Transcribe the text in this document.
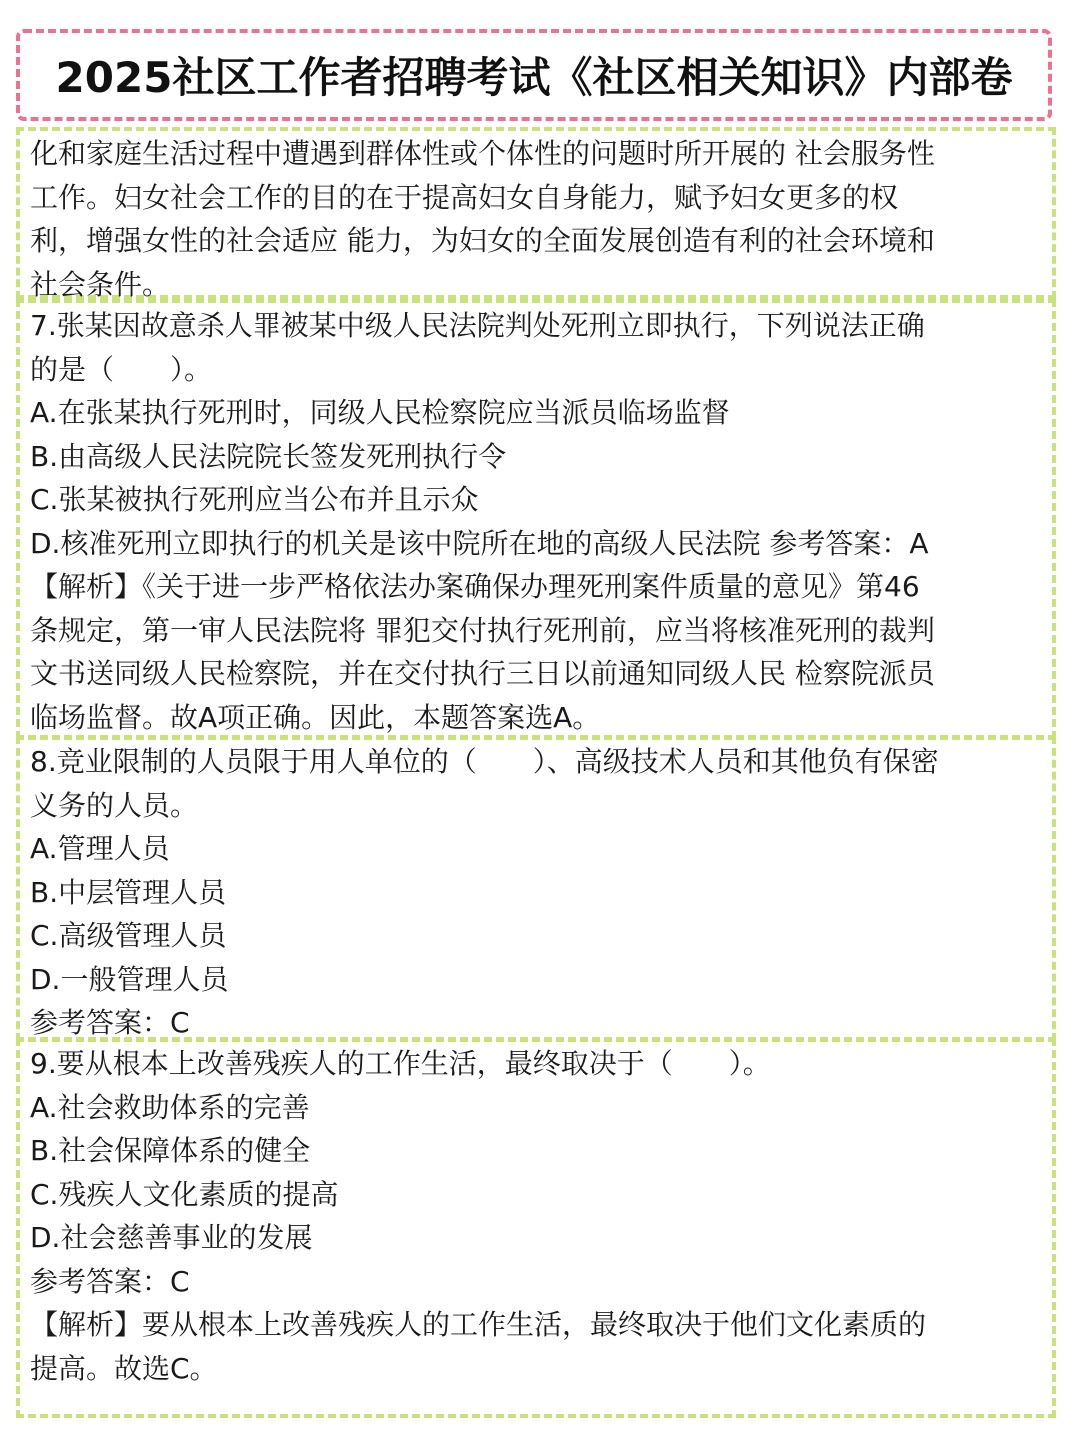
2025社区工作者招聘考试《社区相关知识》内部卷
化和家庭生活过程中遭遇到群体性或个体性的问题时所开展的 社会服务性
工作。妇女社会工作的目的在于提高妇女自身能力，赋予妇女更多的权
利，增强女性的社会适应 能力，为妇女的全面发展创造有利的社会环境和
社会条件。
7.张某因故意杀人罪被某中级人民法院判处死刑立即执行，下列说法正确
的是（　　）。
A.在张某执行死刑时，同级人民检察院应当派员临场监督
B.由高级人民法院院长签发死刑执行令
C.张某被执行死刑应当公布并且示众
D.核准死刑立即执行的机关是该中院所在地的高级人民法院 参考答案：A
【解析】《关于进一步严格依法办案确保办理死刑案件质量的意见》第46
条规定，第一审人民法院将 罪犯交付执行死刑前，应当将核准死刑的裁判
文书送同级人民检察院，并在交付执行三日以前通知同级人民 检察院派员
临场监督。故A项正确。因此，本题答案选A。
8.竞业限制的人员限于用人单位的（　　）、高级技术人员和其他负有保密
义务的人员。
A.管理人员
B.中层管理人员
C.高级管理人员
D.一般管理人员
参考答案：C
9.要从根本上改善残疾人的工作生活，最终取决于（　　）。
A.社会救助体系的完善
B.社会保障体系的健全
C.残疾人文化素质的提高
D.社会慈善事业的发展
参考答案：C
【解析】要从根本上改善残疾人的工作生活，最终取决于他们文化素质的
提高。故选C。
